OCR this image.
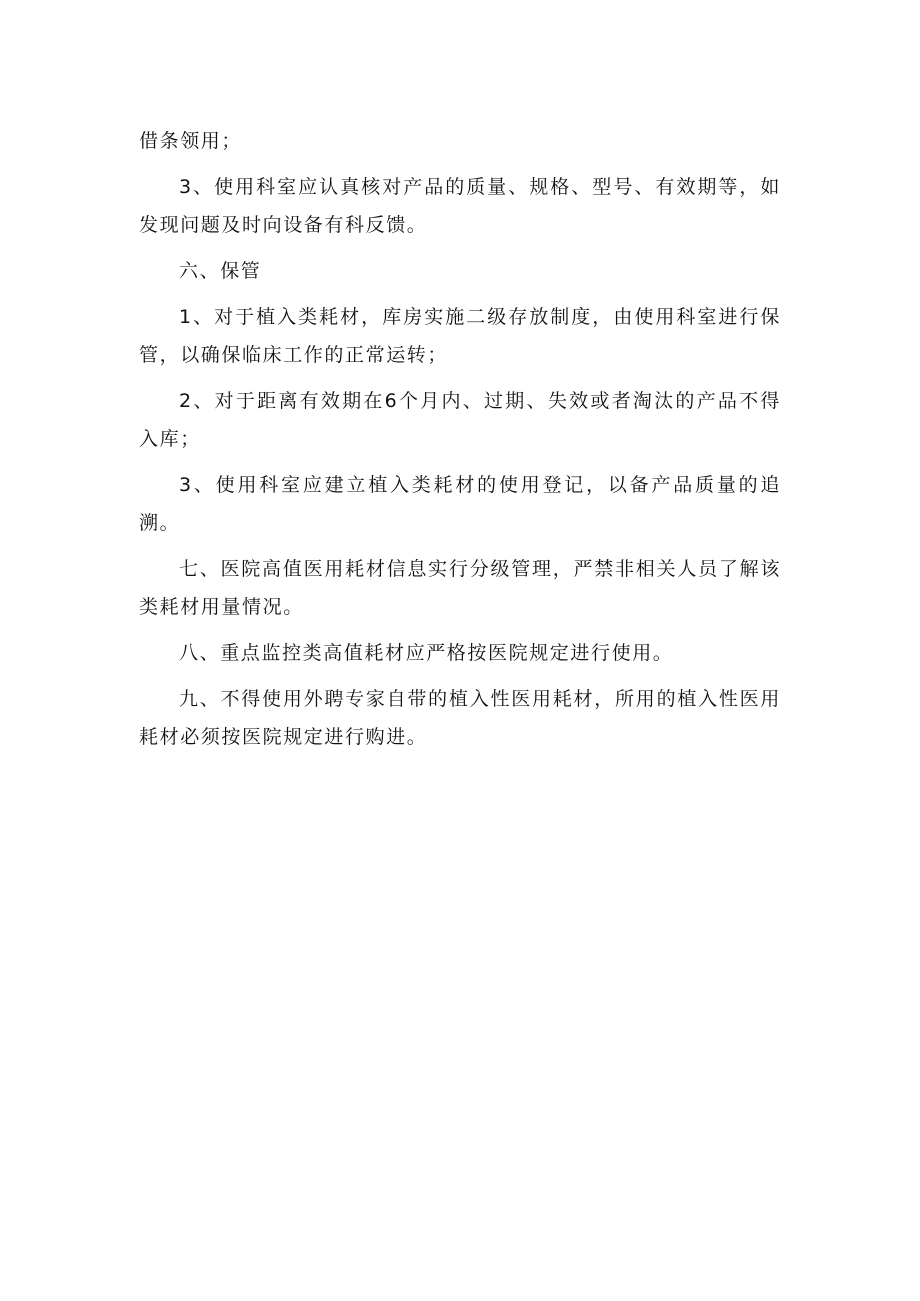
借条领用；

3、使用科室应认真核对产品的质量、规格、型号、有效期等，如发现问题及时向设备有科反馈。

六、保管

1、对于植入类耗材，库房实施二级存放制度，由使用科室进行保管，以确保临床工作的正常运转；

2、对于距离有效期在6个月内、过期、失效或者淘汰的产品不得入库；

3、使用科室应建立植入类耗材的使用登记，以备产品质量的追溯。

七、医院高值医用耗材信息实行分级管理，严禁非相关人员了解该类耗材用量情况。

八、重点监控类高值耗材应严格按医院规定进行使用。

九、不得使用外聘专家自带的植入性医用耗材，所用的植入性医用耗材必须按医院规定进行购进。
